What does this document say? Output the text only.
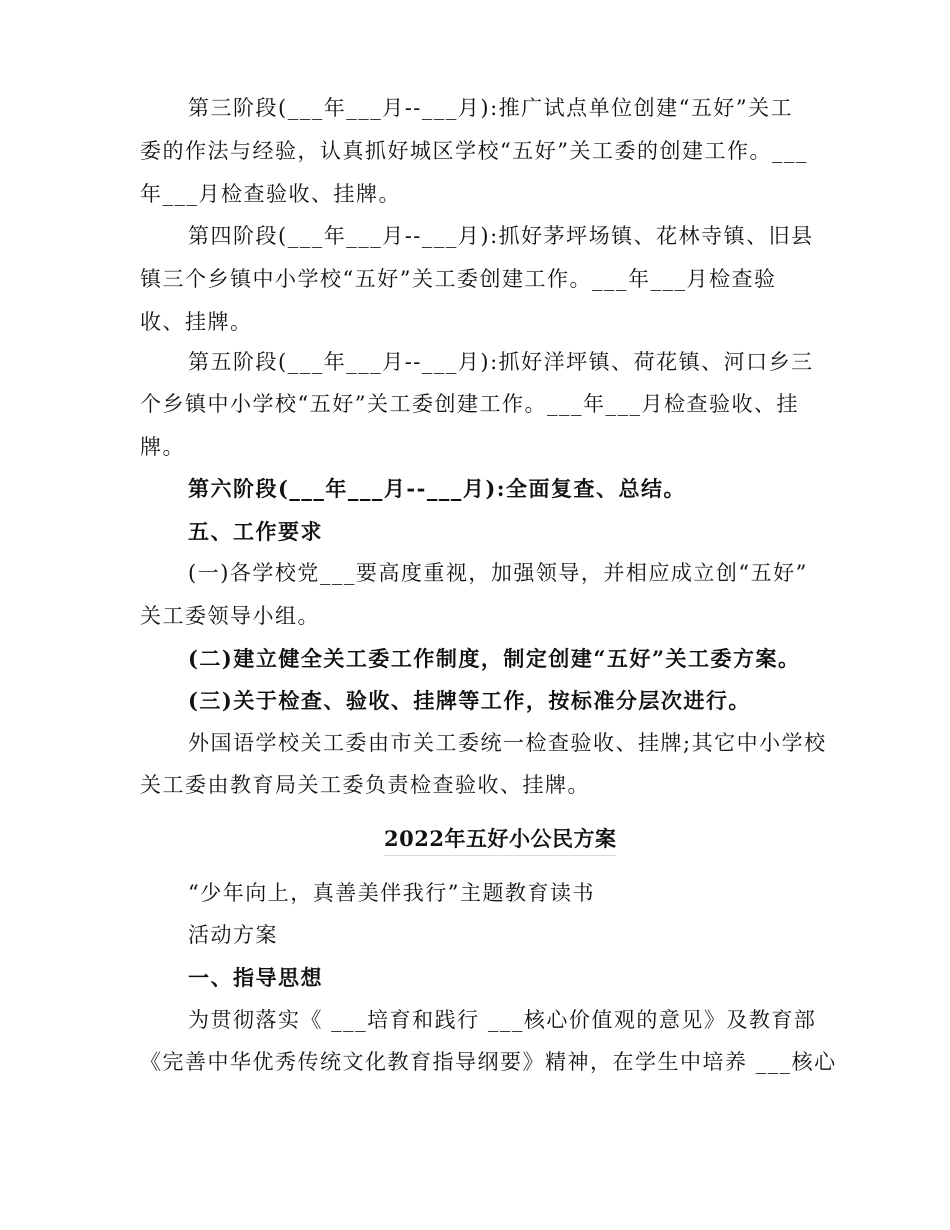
第三阶段(___年___月--___月):推广试点单位创建“五好”关工
委的作法与经验，认真抓好城区学校“五好”关工委的创建工作。___
年___月检查验收、挂牌。
第四阶段(___年___月--___月):抓好茅坪场镇、花林寺镇、旧县
镇三个乡镇中小学校“五好”关工委创建工作。___年___月检查验
收、挂牌。
第五阶段(___年___月--___月):抓好洋坪镇、荷花镇、河口乡三
个乡镇中小学校“五好”关工委创建工作。___年___月检查验收、挂
牌。
第六阶段(___年___月--___月):全面复查、总结。
五、工作要求
(一)各学校党___要高度重视，加强领导，并相应成立创“五好”
关工委领导小组。
(二)建立健全关工委工作制度，制定创建“五好”关工委方案。
(三)关于检查、验收、挂牌等工作，按标准分层次进行。
外国语学校关工委由市关工委统一检查验收、挂牌;其它中小学校
关工委由教育局关工委负责检查验收、挂牌。
2022年五好小公民方案
“少年向上，真善美伴我行”主题教育读书
活动方案
一、指导思想
为贯彻落实《 ___培育和践行 ___核心价值观的意见》及教育部
《完善中华优秀传统文化教育指导纲要》精神，在学生中培养 ___核心
